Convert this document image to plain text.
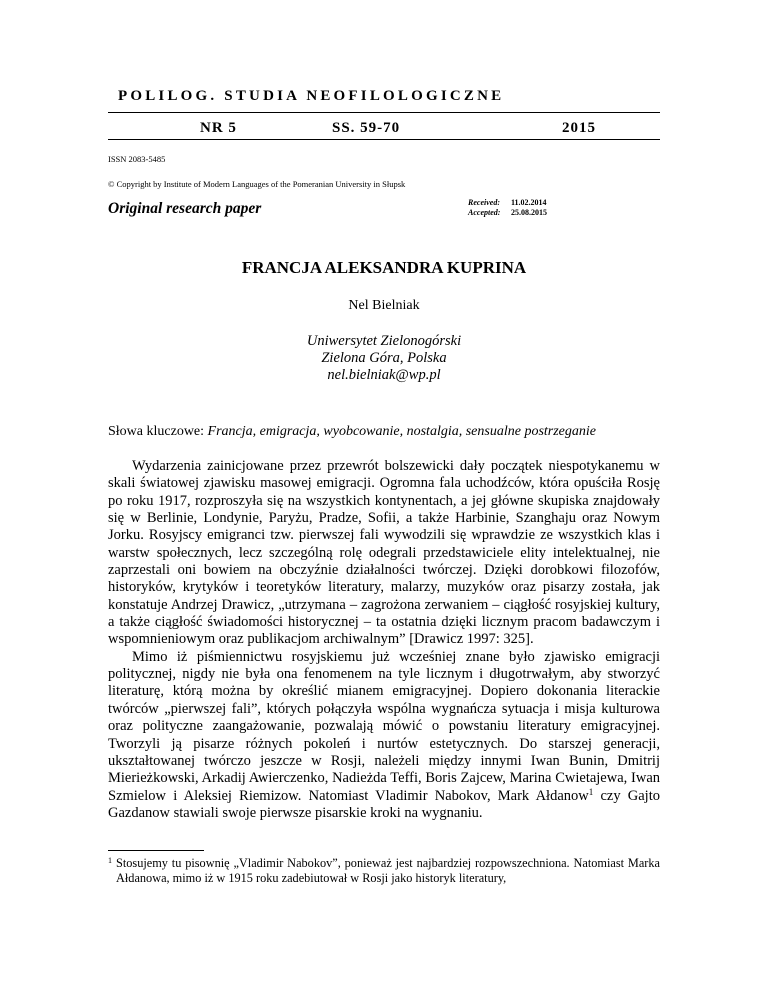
POLILOG. STUDIA NEOFILOLOGICZNE
NR 5	SS. 59-70	2015
ISSN 2083-5485
© Copyright by Institute of Modern Languages of the Pomeranian University in Słupsk
Original research paper	Received: 11.02.2014
Accepted: 25.08.2015
FRANCJA ALEKSANDRA KUPRINA
Nel Bielniak
Uniwersytet Zielonogórski
Zielona Góra, Polska
nel.bielniak@wp.pl
Słowa kluczowe: Francja, emigracja, wyobcowanie, nostalgia, sensualne postrzeganie

Wydarzenia zainicjowane przez przewrót bolszewicki dały początek niespotykanemu w skali światowej zjawisku masowej emigracji. Ogromna fala uchodźców, która opuściła Rosję po roku 1917, rozproszyła się na wszystkich kontynentach, a jej główne skupiska znajdowały się w Berlinie, Londynie, Paryżu, Pradze, Sofii, a także Harbinie, Szanghaju oraz Nowym Jorku. Rosyjscy emigranci tzw. pierwszej fali wywodzili się wprawdzie ze wszystkich klas i warstw społecznych, lecz szczególną rolę odegrali przedstawiciele elity intelektualnej, nie zaprzestali oni bowiem na obczyźnie działalności twórczej. Dzięki dorobkowi filozofów, historyków, krytyków i teoretyków literatury, malarzy, muzyków oraz pisarzy została, jak konstatuje Andrzej Drawicz, „utrzymana – zagrożona zerwaniem – ciągłość rosyjskiej kultury, a także ciągłość świadomości historycznej – ta ostatnia dzięki licznym pracom badawczym i wspomnieniowym oraz publikacjom archiwalnym” [Drawicz 1997: 325].

Mimo iż piśmiennictwu rosyjskiemu już wcześniej znane było zjawisko emigracji politycznej, nigdy nie była ona fenomenem na tyle licznym i długotrwałym, aby stworzyć literaturę, którą można by określić mianem emigracyjnej. Dopiero dokonania literackie twórców „pierwszej fali”, których połączyła wspólna wygnańcza sytuacja i misja kulturowa oraz polityczne zaangażowanie, pozwalają mówić o powstaniu literatury emigracyjnej. Tworzyli ją pisarze różnych pokoleń i nurtów estetycznych. Do starszej generacji, ukształtowanej twórczo jeszcze w Rosji, należeli między innymi Iwan Bunin, Dmitrij Mierieżkowski, Arkadij Awierczenko, Nadieżda Teffi, Boris Zajcew, Marina Cwietajewa, Iwan Szmielow i Aleksiej Riemizow. Natomiast Vladimir Nabokov, Mark Ałdanow$^1$ czy Gajto Gazdanow stawiali swoje pierwsze pisarskie kroki na wygnaniu.

1 Stosujemy tu pisownię „Vladimir Nabokov”, ponieważ jest najbardziej rozpowszechniona. Natomiast Marka Ałdanowa, mimo iż w 1915 roku zadebiutował w Rosji jako historyk literatury,
